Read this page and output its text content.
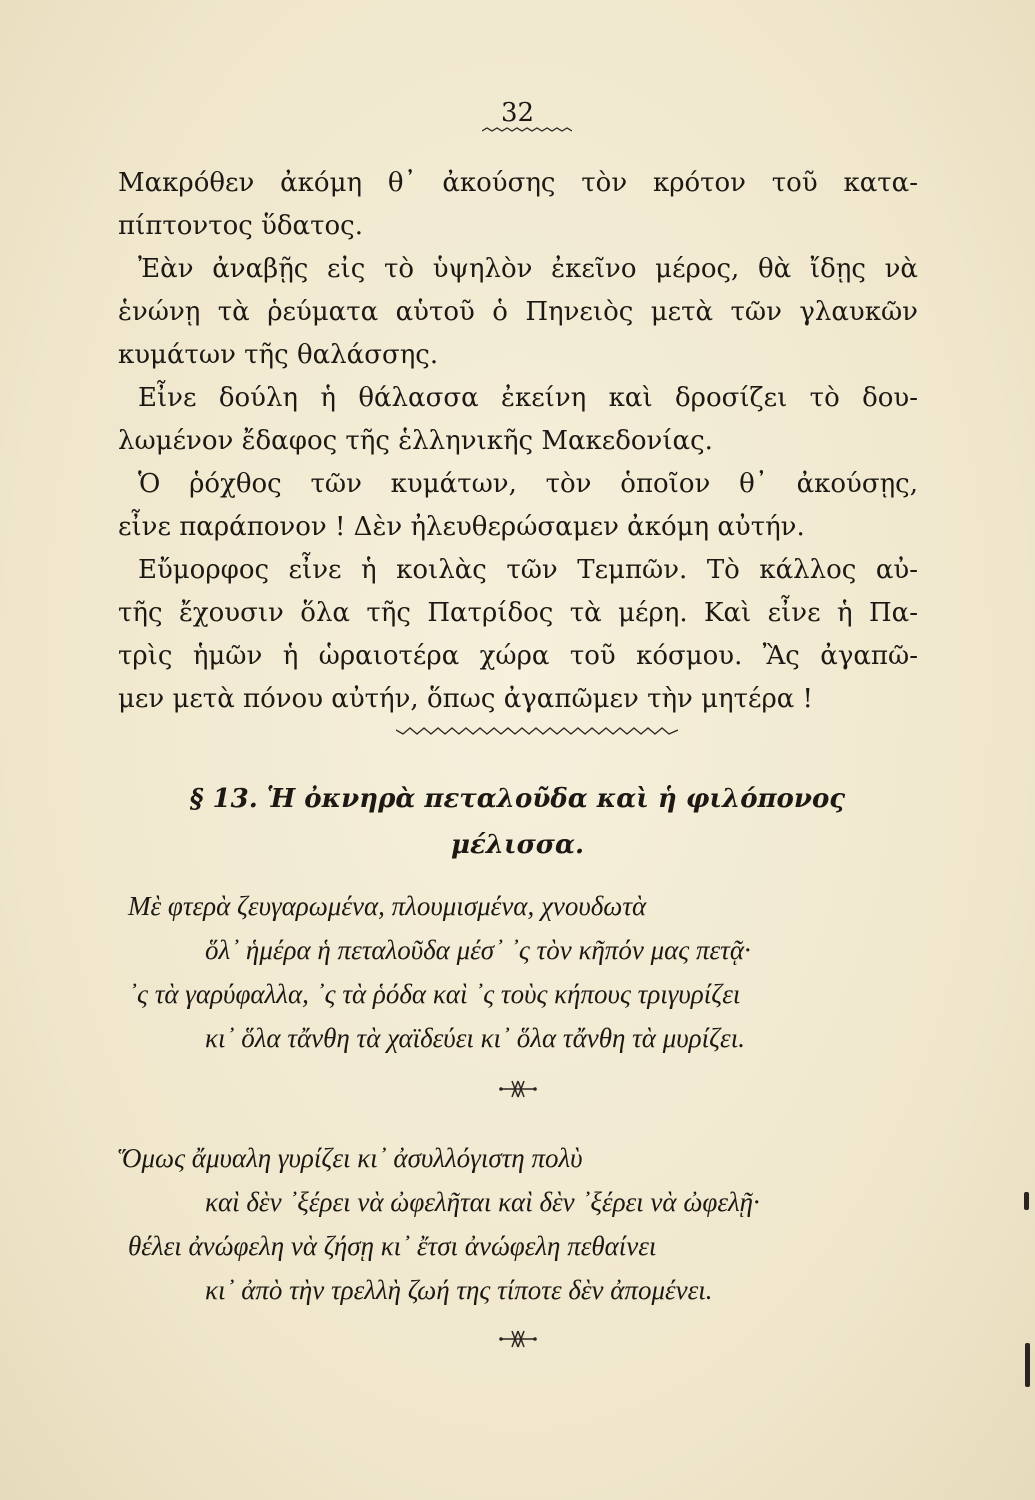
32
Μακρόθεν ἀκόμη θ᾽ ἀκούσης τὸν κρότον τοῦ κατα-
πίπτοντος ὕδατος.
Ἐὰν ἀναβῇς εἰς τὸ ὑψηλὸν ἐκεῖνο μέρος, θὰ ἴδῃς νὰ
ἑνώνῃ τὰ ῥεύματα αὑτοῦ ὁ Πηνειὸς μετὰ τῶν γλαυκῶν
κυμάτων τῆς θαλάσσης.
Εἶνε δούλη ἡ θάλασσα ἐκείνη καὶ δροσίζει τὸ δου-
λωμένον ἔδαφος τῆς ἑλληνικῆς Μακεδονίας.
Ὁ ῥόχθος τῶν κυμάτων, τὸν ὁποῖον θ᾽ ἀκούσῃς,
εἶνε παράπονον ! Δὲν ἠλευθερώσαμεν ἀκόμη αὐτήν.
Εὔμορφος εἶνε ἡ κοιλὰς τῶν Τεμπῶν. Τὸ κάλλος αὐ-
τῆς ἔχουσιν ὅλα τῆς Πατρίδος τὰ μέρη. Καὶ εἶνε ἡ Πα-
τρὶς ἡμῶν ἡ ὡραιοτέρα χώρα τοῦ κόσμου. Ἂς ἀγαπῶ-
μεν μετὰ πόνου αὐτήν, ὅπως ἀγαπῶμεν τὴν μητέρα !
§ 13. Ἡ ὀκνηρὰ πεταλοῦδα καὶ ἡ φιλόπονος
μέλισσα.
Μὲ φτερὰ ζευγαρωμένα, πλουμισμένα, χνουδωτὰ
ὅλ᾽ ἡμέρα ἡ πεταλοῦδα μέσ᾽ ᾽ς τὸν κῆπόν μας πετᾷ·
᾽ς τὰ γαρύφαλλα, ᾽ς τὰ ῥόδα καὶ ᾽ς τοὺς κήπους τριγυρίζει
κι᾽ ὅλα τἄνθη τὰ χαϊδεύει κι᾽ ὅλα τἄνθη τὰ μυρίζει.
Ὅμως ἄμυαλη γυρίζει κι᾽ ἀσυλλόγιστη πολὺ
καὶ δὲν ᾽ξέρει νὰ ὠφελῆται καὶ δὲν ᾽ξέρει νὰ ὠφελῇ·
θέλει ἀνώφελη νὰ ζήσῃ κι᾽ ἔτσι ἀνώφελη πεθαίνει
κι᾽ ἀπὸ τὴν τρελλὴ ζωή της τίποτε δὲν ἀπομένει.
